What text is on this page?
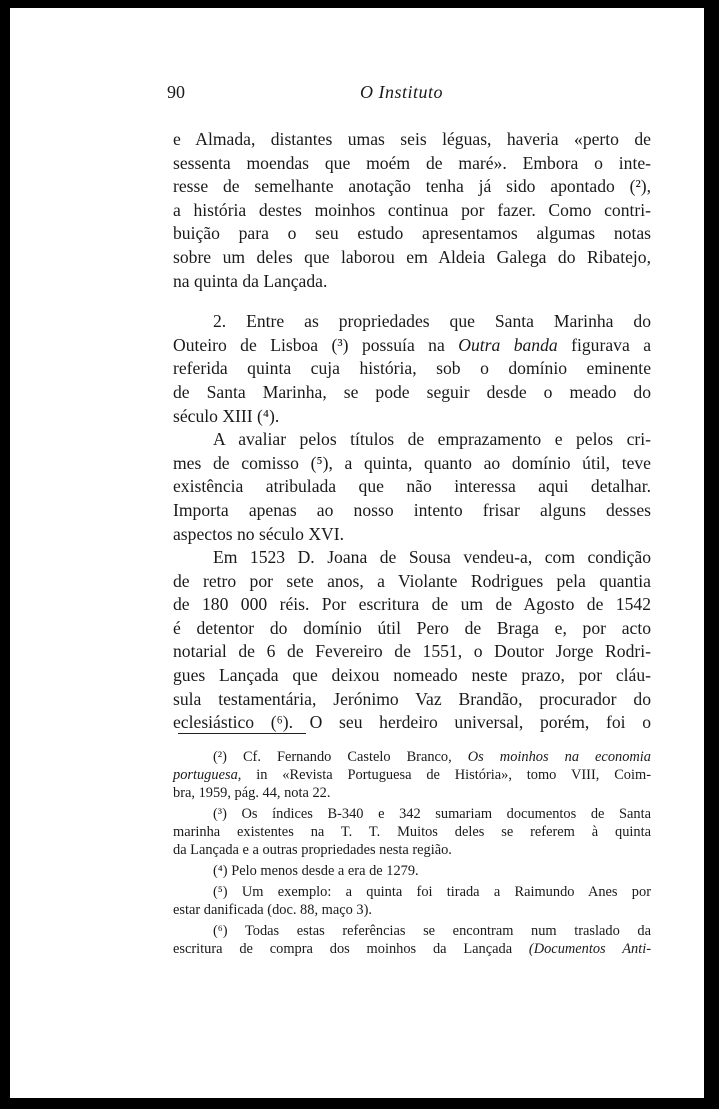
90	O Instituto

e Almada, distantes umas seis léguas, haveria «perto de
sessenta moendas que moém de maré». Embora o inte-
resse de semelhante anotação tenha já sido apontado (²),
a história destes moinhos continua por fazer. Como contri-
buição para o seu estudo apresentamos algumas notas
sobre um deles que laborou em Aldeia Galega do Ribatejo,
na quinta da Lançada.

2. Entre as propriedades que Santa Marinha do
Outeiro de Lisboa (³) possuía na Outra banda figurava a
referida quinta cuja história, sob o domínio eminente
de Santa Marinha, se pode seguir desde o meado do
século XIII (⁴).

A avaliar pelos títulos de emprazamento e pelos cri-
mes de comisso (⁵), a quinta, quanto ao domínio útil, teve
existência atribulada que não interessa aqui detalhar.
Importa apenas ao nosso intento frisar alguns desses
aspectos no século XVI.

Em 1523 D. Joana de Sousa vendeu-a, com condição
de retro por sete anos, a Violante Rodrigues pela quantia
de 180 000 réis. Por escritura de um de Agosto de 1542
é detentor do domínio útil Pero de Braga e, por acto
notarial de 6 de Fevereiro de 1551, o Doutor Jorge Rodri-
gues Lançada que deixou nomeado neste prazo, por cláu-
sula testamentária, Jerónimo Vaz Brandão, procurador do
eclesiástico (⁶). O seu herdeiro universal, porém, foi o

(²) Cf. Fernando Castelo Branco, Os moinhos na economia
portuguesa, in «Revista Portuguesa de História», tomo VIII, Coim-
bra, 1959, pág. 44, nota 22.
(³) Os índices B-340 e 342 sumariam documentos de Santa
marinha existentes na T. T. Muitos deles se referem à quinta
da Lançada e a outras propriedades nesta região.
(⁴) Pelo menos desde a era de 1279.
(⁵) Um exemplo: a quinta foi tirada a Raimundo Anes por
estar danificada (doc. 88, maço 3).
(⁶) Todas estas referências se encontram num traslado da
escritura de compra dos moinhos da Lançada (Documentos Anti-
